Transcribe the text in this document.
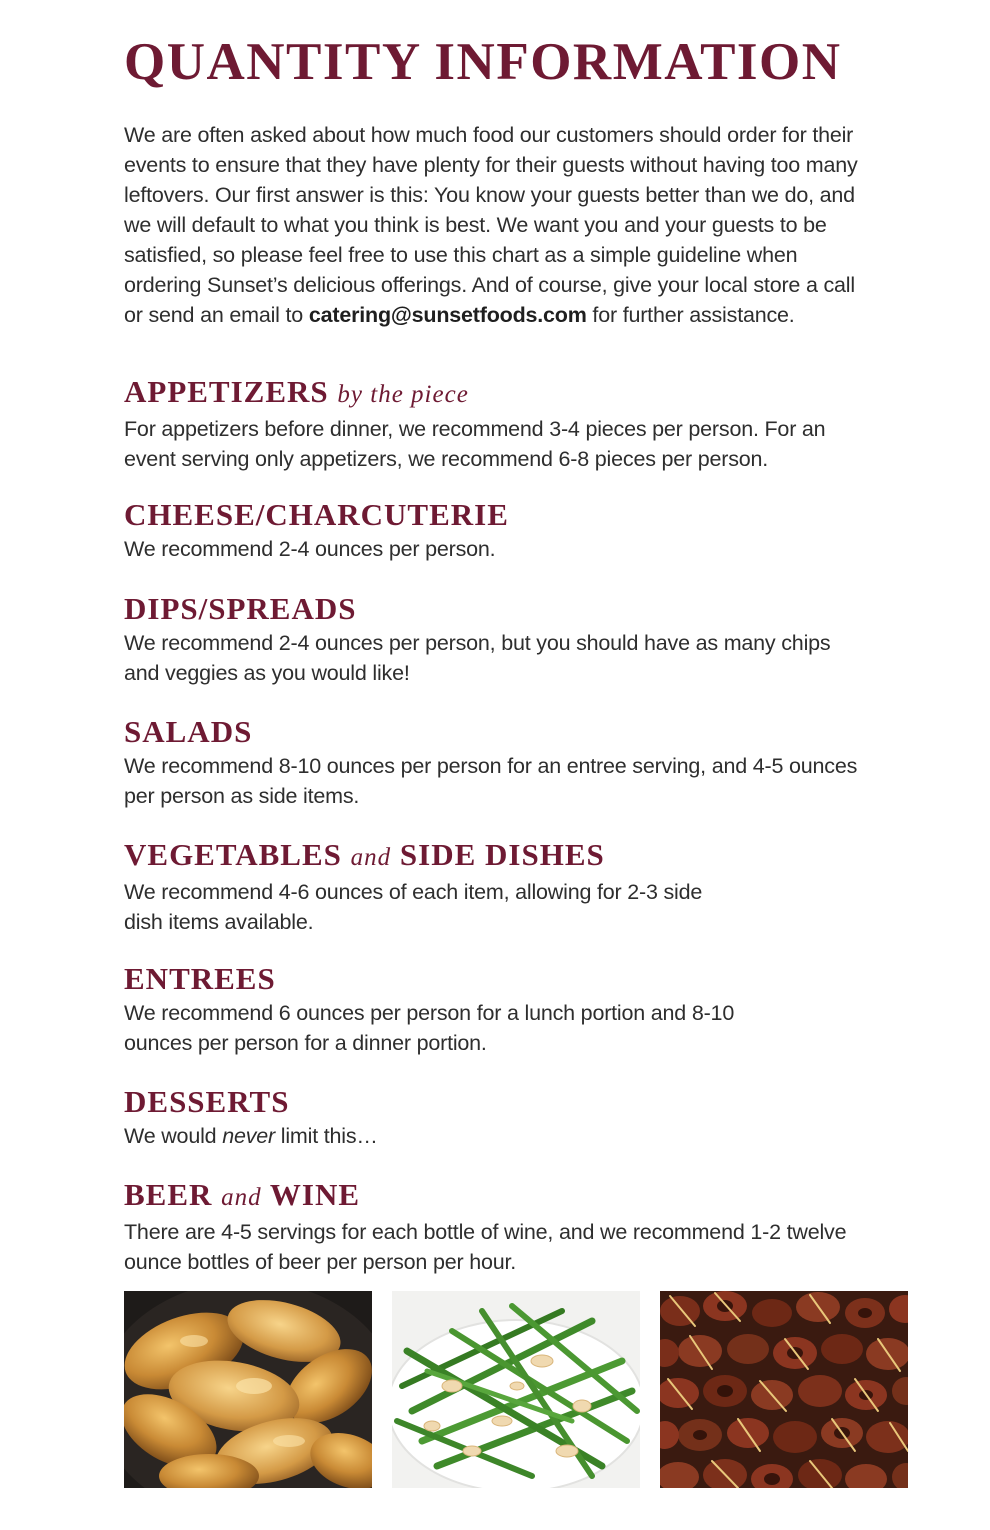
QUANTITY INFORMATION

We are often asked about how much food our customers should order for their events to ensure that they have plenty for their guests without having too many leftovers. Our first answer is this: You know your guests better than we do, and we will default to what you think is best. We want you and your guests to be satisfied, so please feel free to use this chart as a simple guideline when ordering Sunset’s delicious offerings. And of course, give your local store a call or send an email to catering@sunsetfoods.com for further assistance.

APPETIZERS by the piece

For appetizers before dinner, we recommend 3-4 pieces per person. For an event serving only appetizers, we recommend 6-8 pieces per person.

CHEESE/CHARCUTERIE

We recommend 2-4 ounces per person.

DIPS/SPREADS

We recommend 2-4 ounces per person, but you should have as many chips and veggies as you would like!

SALADS

We recommend 8-10 ounces per person for an entree serving, and 4-5 ounces per person as side items.

VEGETABLES and SIDE DISHES

We recommend 4-6 ounces of each item, allowing for 2-3 side dish items available.

ENTREES

We recommend 6 ounces per person for a lunch portion and 8-10 ounces per person for a dinner portion.

DESSERTS

We would never limit this…

BEER and WINE

There are 4-5 servings for each bottle of wine, and we recommend 1-2 twelve ounce bottles of beer per person per hour.
